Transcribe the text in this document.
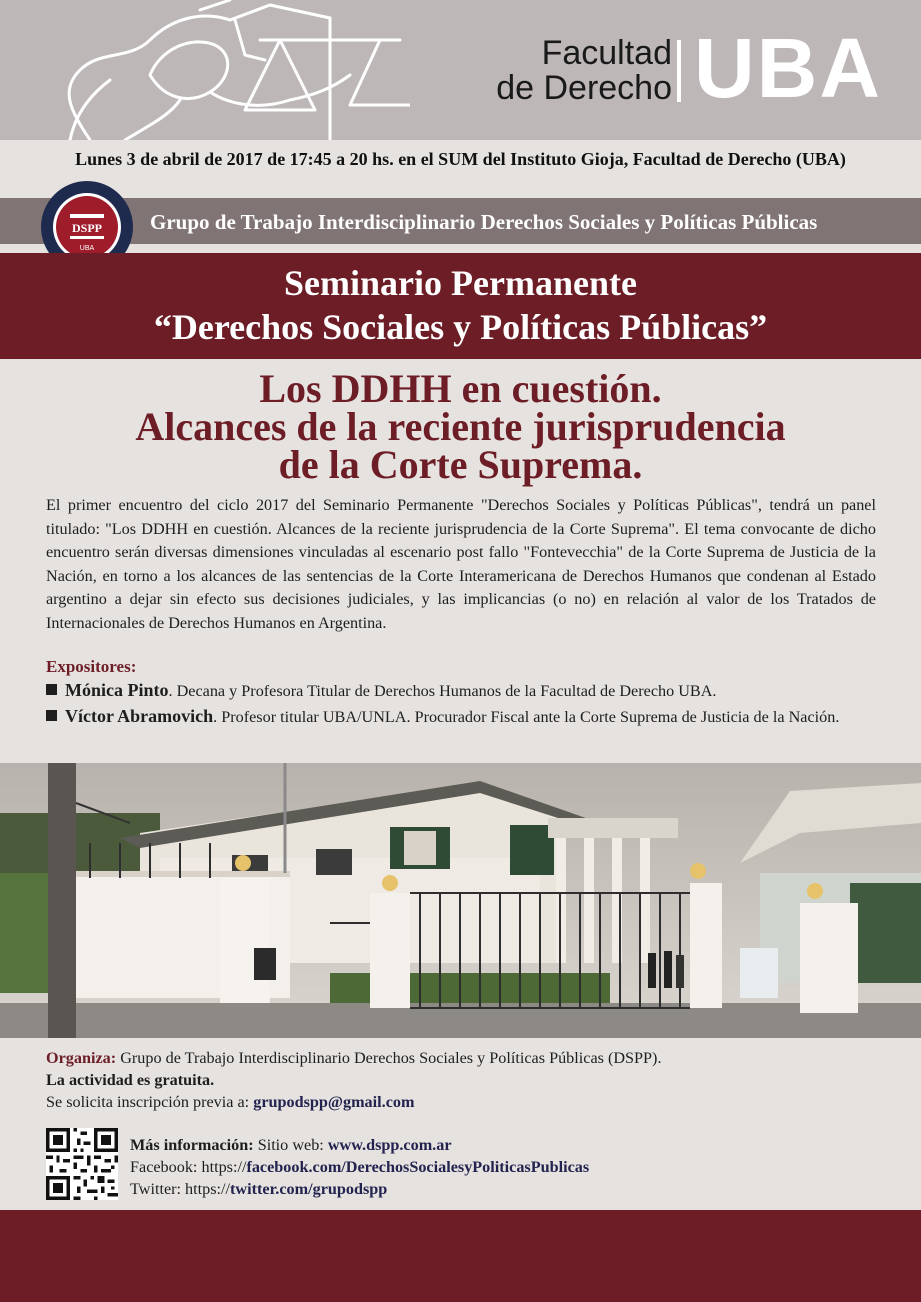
Facultad
de Derecho UBA
Lunes 3 de abril de 2017 de 17:45 a 20 hs. en el SUM del Instituto Gioja, Facultad de Derecho (UBA)
DSPP
UBA
Grupo de Trabajo Interdisciplinario Derechos Sociales y Políticas Públicas
Seminario Permanente
“Derechos Sociales y Políticas Públicas”
Los DDHH en cuestión.
Alcances de la reciente jurisprudencia
de la Corte Suprema.
El primer encuentro del ciclo 2017 del Seminario Permanente "Derechos Sociales y Políticas Públicas", tendrá un panel titulado: "Los DDHH en cuestión. Alcances de la reciente jurisprudencia de la Corte Suprema". El tema convocante de dicho encuentro serán diversas dimensiones vinculadas al escenario post fallo "Fontevecchia" de la Corte Suprema de Justicia de la Nación, en torno a los alcances de las sentencias de la Corte Interamericana de Derechos Humanos que condenan al Estado argentino a dejar sin efecto sus decisiones judiciales, y las implicancias (o no) en relación al valor de los Tratados de Internacionales de Derechos Humanos en Argentina.
Expositores:
Mónica Pinto. Decana y Profesora Titular de Derechos Humanos de la Facultad de Derecho UBA.
Víctor Abramovich. Profesor titular UBA/UNLA. Procurador Fiscal ante la Corte Suprema de Justicia de la Nación.
Organiza: Grupo de Trabajo Interdisciplinario Derechos Sociales y Políticas Públicas (DSPP).
La actividad es gratuita.
Se solicita inscripción previa a: grupodspp@gmail.com
Más información: Sitio web: www.dspp.com.ar
Facebook: https://facebook.com/DerechosSocialesyPoliticasPublicas
Twitter: https://twitter.com/grupodspp
